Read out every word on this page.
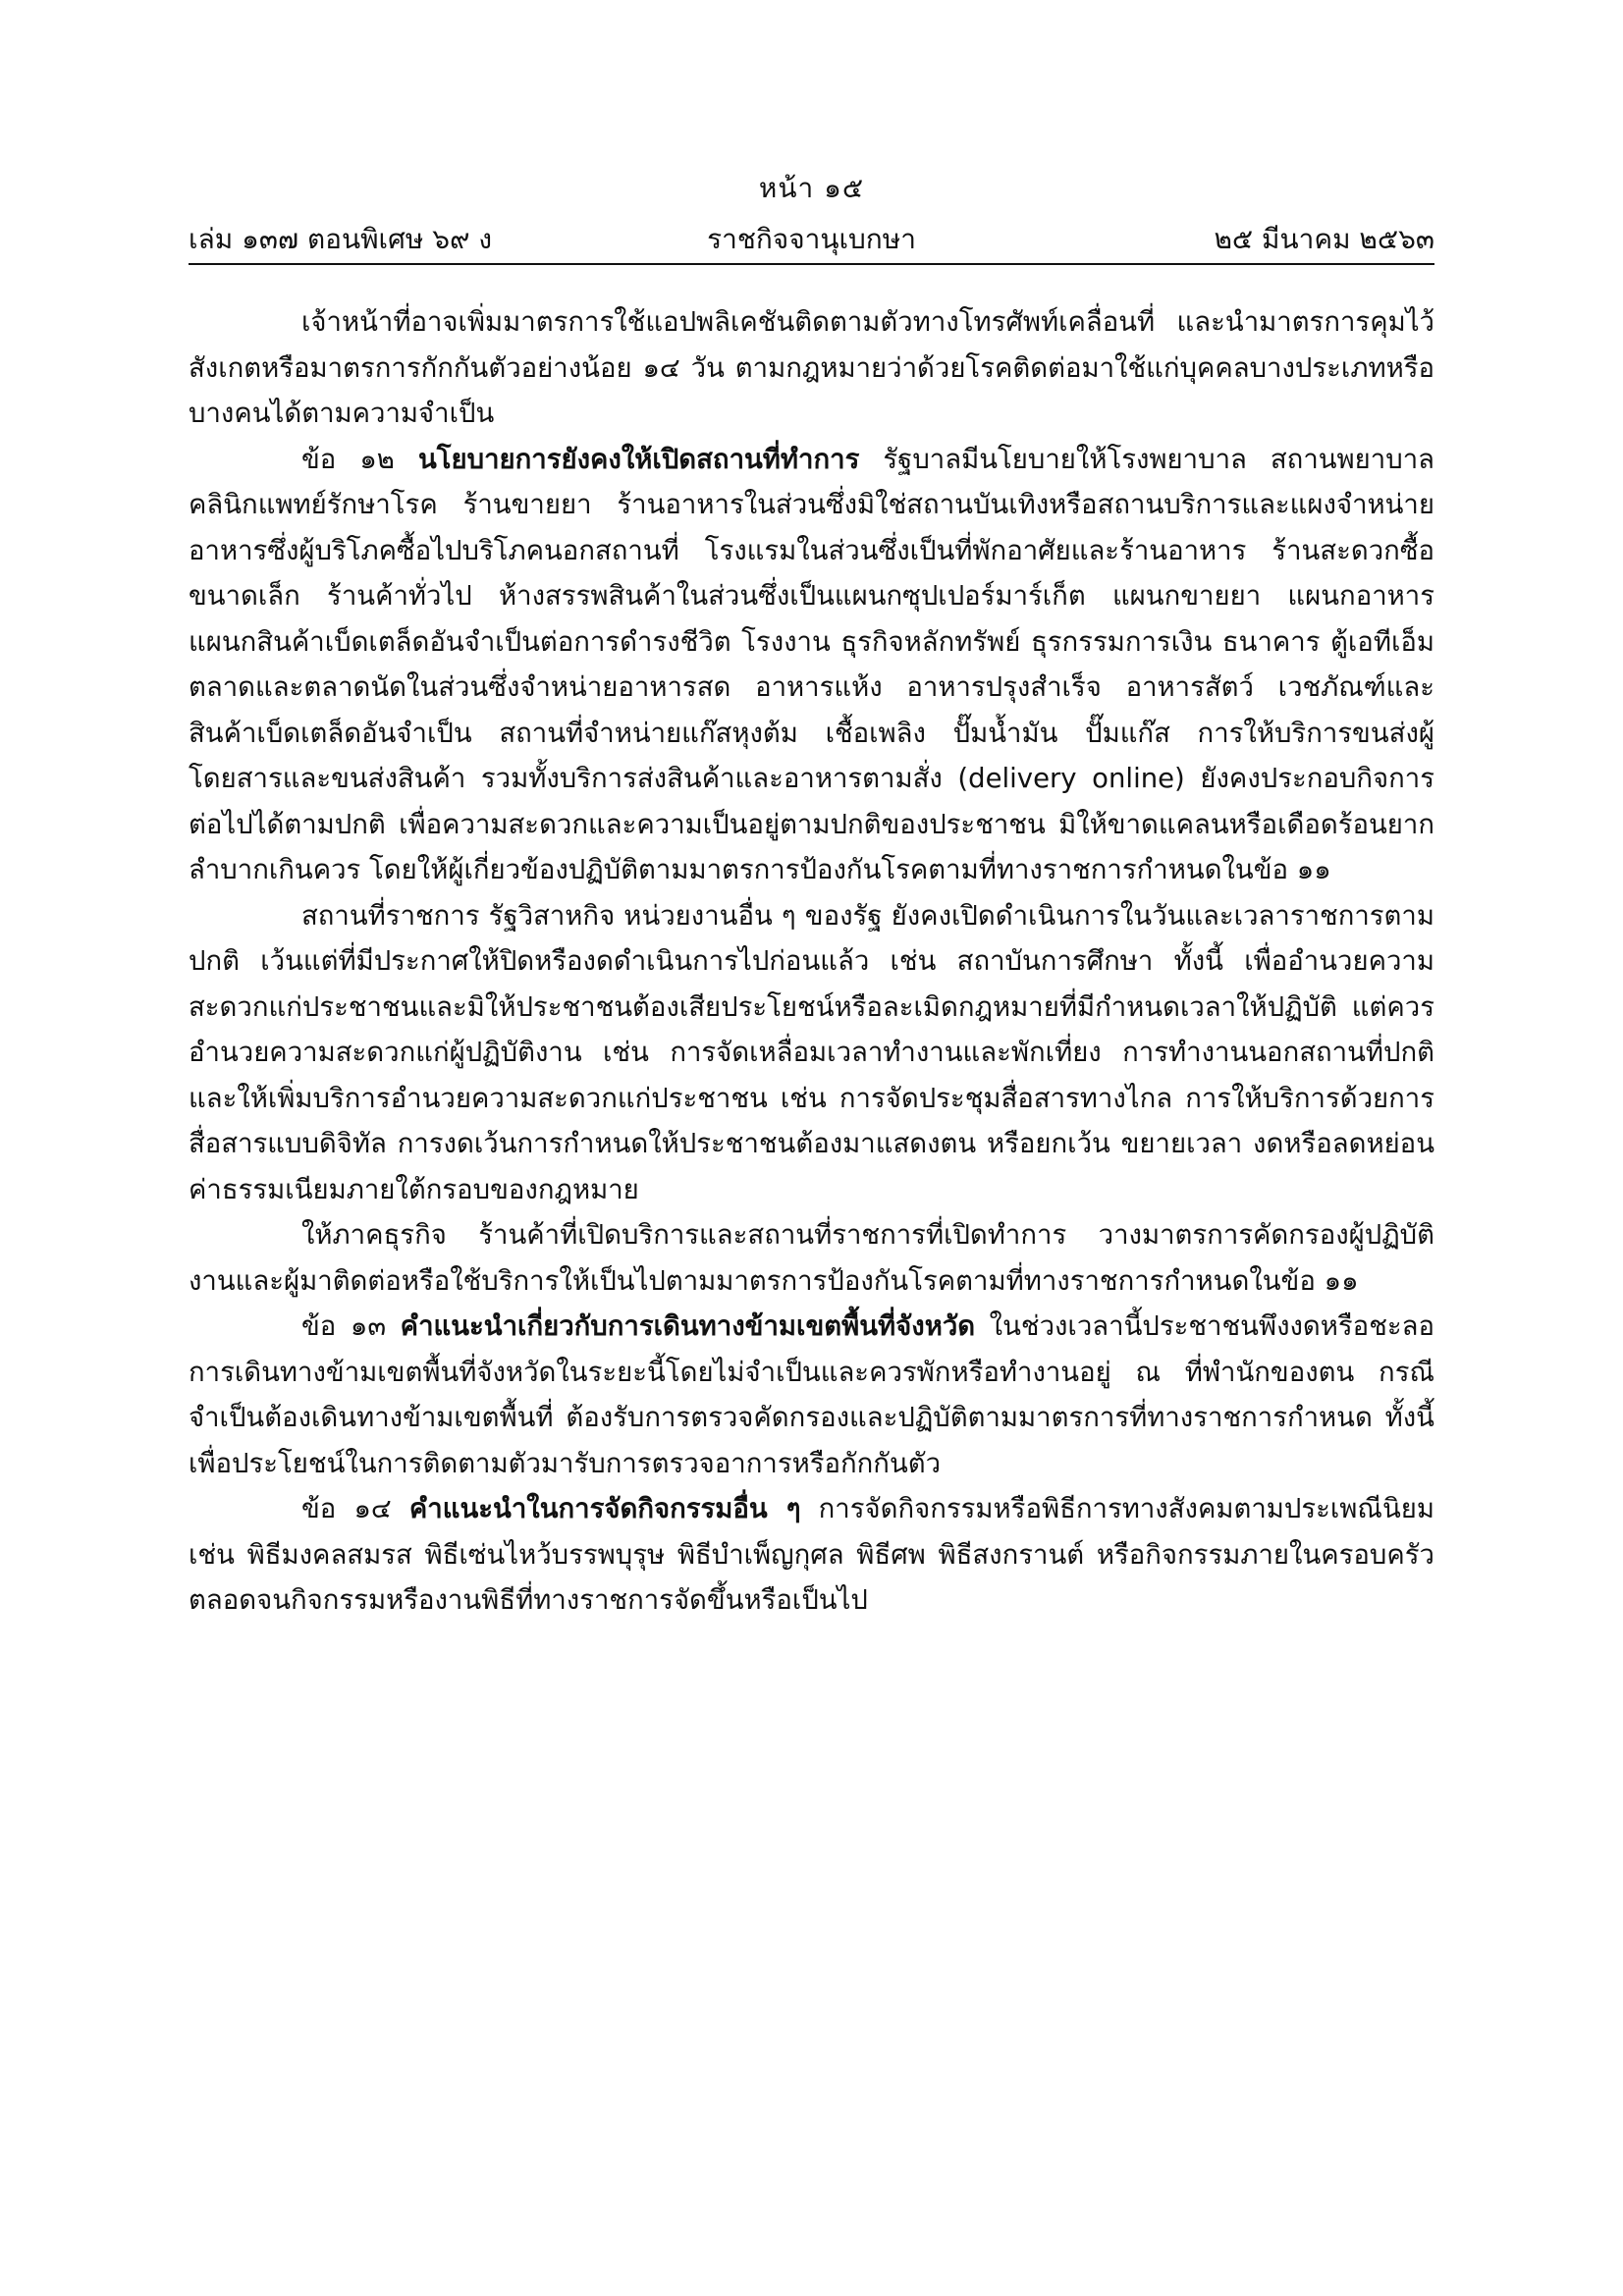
หน้า ๑๕
เล่ม ๑๓๗ ตอนพิเศษ ๖๙ ง	ราชกิจจานุเบกษา	๒๕ มีนาคม ๒๕๖๓

เจ้าหน้าที่อาจเพิ่มมาตรการใช้แอปพลิเคชันติดตามตัวทางโทรศัพท์เคลื่อนที่ และนำมาตรการคุมไว้สังเกตหรือมาตรการกักกันตัวอย่างน้อย ๑๔ วัน ตามกฎหมายว่าด้วยโรคติดต่อมาใช้แก่บุคคลบางประเภทหรือบางคนได้ตามความจำเป็น

ข้อ ๑๒ นโยบายการยังคงให้เปิดสถานที่ทำการ รัฐบาลมีนโยบายให้โรงพยาบาล สถานพยาบาล คลินิกแพทย์รักษาโรค ร้านขายยา ร้านอาหารในส่วนซึ่งมิใช่สถานบันเทิงหรือสถานบริการและแผงจำหน่ายอาหารซึ่งผู้บริโภคซื้อไปบริโภคนอกสถานที่ โรงแรมในส่วนซึ่งเป็นที่พักอาศัยและร้านอาหาร ร้านสะดวกซื้อขนาดเล็ก ร้านค้าทั่วไป ห้างสรรพสินค้าในส่วนซึ่งเป็นแผนกซุปเปอร์มาร์เก็ต แผนกขายยา แผนกอาหาร แผนกสินค้าเบ็ดเตล็ดอันจำเป็นต่อการดำรงชีวิต โรงงาน ธุรกิจหลักทรัพย์ ธุรกรรมการเงิน ธนาคาร ตู้เอทีเอ็ม ตลาดและตลาดนัดในส่วนซึ่งจำหน่ายอาหารสด อาหารแห้ง อาหารปรุงสำเร็จ อาหารสัตว์ เวชภัณฑ์และสินค้าเบ็ดเตล็ดอันจำเป็น สถานที่จำหน่ายแก๊สหุงต้ม เชื้อเพลิง ปั๊มน้ำมัน ปั๊มแก๊ส การให้บริการขนส่งผู้โดยสารและขนส่งสินค้า รวมทั้งบริการส่งสินค้าและอาหารตามสั่ง (delivery online) ยังคงประกอบกิจการต่อไปได้ตามปกติ เพื่อความสะดวกและความเป็นอยู่ตามปกติของประชาชน มิให้ขาดแคลนหรือเดือดร้อนยากลำบากเกินควร โดยให้ผู้เกี่ยวข้องปฏิบัติตามมาตรการป้องกันโรคตามที่ทางราชการกำหนดในข้อ ๑๑

สถานที่ราชการ รัฐวิสาหกิจ หน่วยงานอื่น ๆ ของรัฐ ยังคงเปิดดำเนินการในวันและเวลาราชการตามปกติ เว้นแต่ที่มีประกาศให้ปิดหรืองดดำเนินการไปก่อนแล้ว เช่น สถาบันการศึกษา ทั้งนี้ เพื่ออำนวยความสะดวกแก่ประชาชนและมิให้ประชาชนต้องเสียประโยชน์หรือละเมิดกฎหมายที่มีกำหนดเวลาให้ปฏิบัติ แต่ควรอำนวยความสะดวกแก่ผู้ปฏิบัติงาน เช่น การจัดเหลื่อมเวลาทำงานและพักเที่ยง การทำงานนอกสถานที่ปกติ และให้เพิ่มบริการอำนวยความสะดวกแก่ประชาชน เช่น การจัดประชุมสื่อสารทางไกล การให้บริการด้วยการสื่อสารแบบดิจิทัล การงดเว้นการกำหนดให้ประชาชนต้องมาแสดงตน หรือยกเว้น ขยายเวลา งดหรือลดหย่อนค่าธรรมเนียมภายใต้กรอบของกฎหมาย

ให้ภาคธุรกิจ ร้านค้าที่เปิดบริการและสถานที่ราชการที่เปิดทำการ วางมาตรการคัดกรองผู้ปฏิบัติงานและผู้มาติดต่อหรือใช้บริการให้เป็นไปตามมาตรการป้องกันโรคตามที่ทางราชการกำหนดในข้อ ๑๑

ข้อ ๑๓ คำแนะนำเกี่ยวกับการเดินทางข้ามเขตพื้นที่จังหวัด ในช่วงเวลานี้ประชาชนพึงงดหรือชะลอการเดินทางข้ามเขตพื้นที่จังหวัดในระยะนี้โดยไม่จำเป็นและควรพักหรือทำงานอยู่ ณ ที่พำนักของตน กรณีจำเป็นต้องเดินทางข้ามเขตพื้นที่ ต้องรับการตรวจคัดกรองและปฏิบัติตามมาตรการที่ทางราชการกำหนด ทั้งนี้ เพื่อประโยชน์ในการติดตามตัวมารับการตรวจอาการหรือกักกันตัว

ข้อ ๑๔ คำแนะนำในการจัดกิจกรรมอื่น ๆ การจัดกิจกรรมหรือพิธีการทางสังคมตามประเพณีนิยม เช่น พิธีมงคลสมรส พิธีเซ่นไหว้บรรพบุรุษ พิธีบำเพ็ญกุศล พิธีศพ พิธีสงกรานต์ หรือกิจกรรมภายในครอบครัว ตลอดจนกิจกรรมหรืองานพิธีที่ทางราชการจัดขึ้นหรือเป็นไป
